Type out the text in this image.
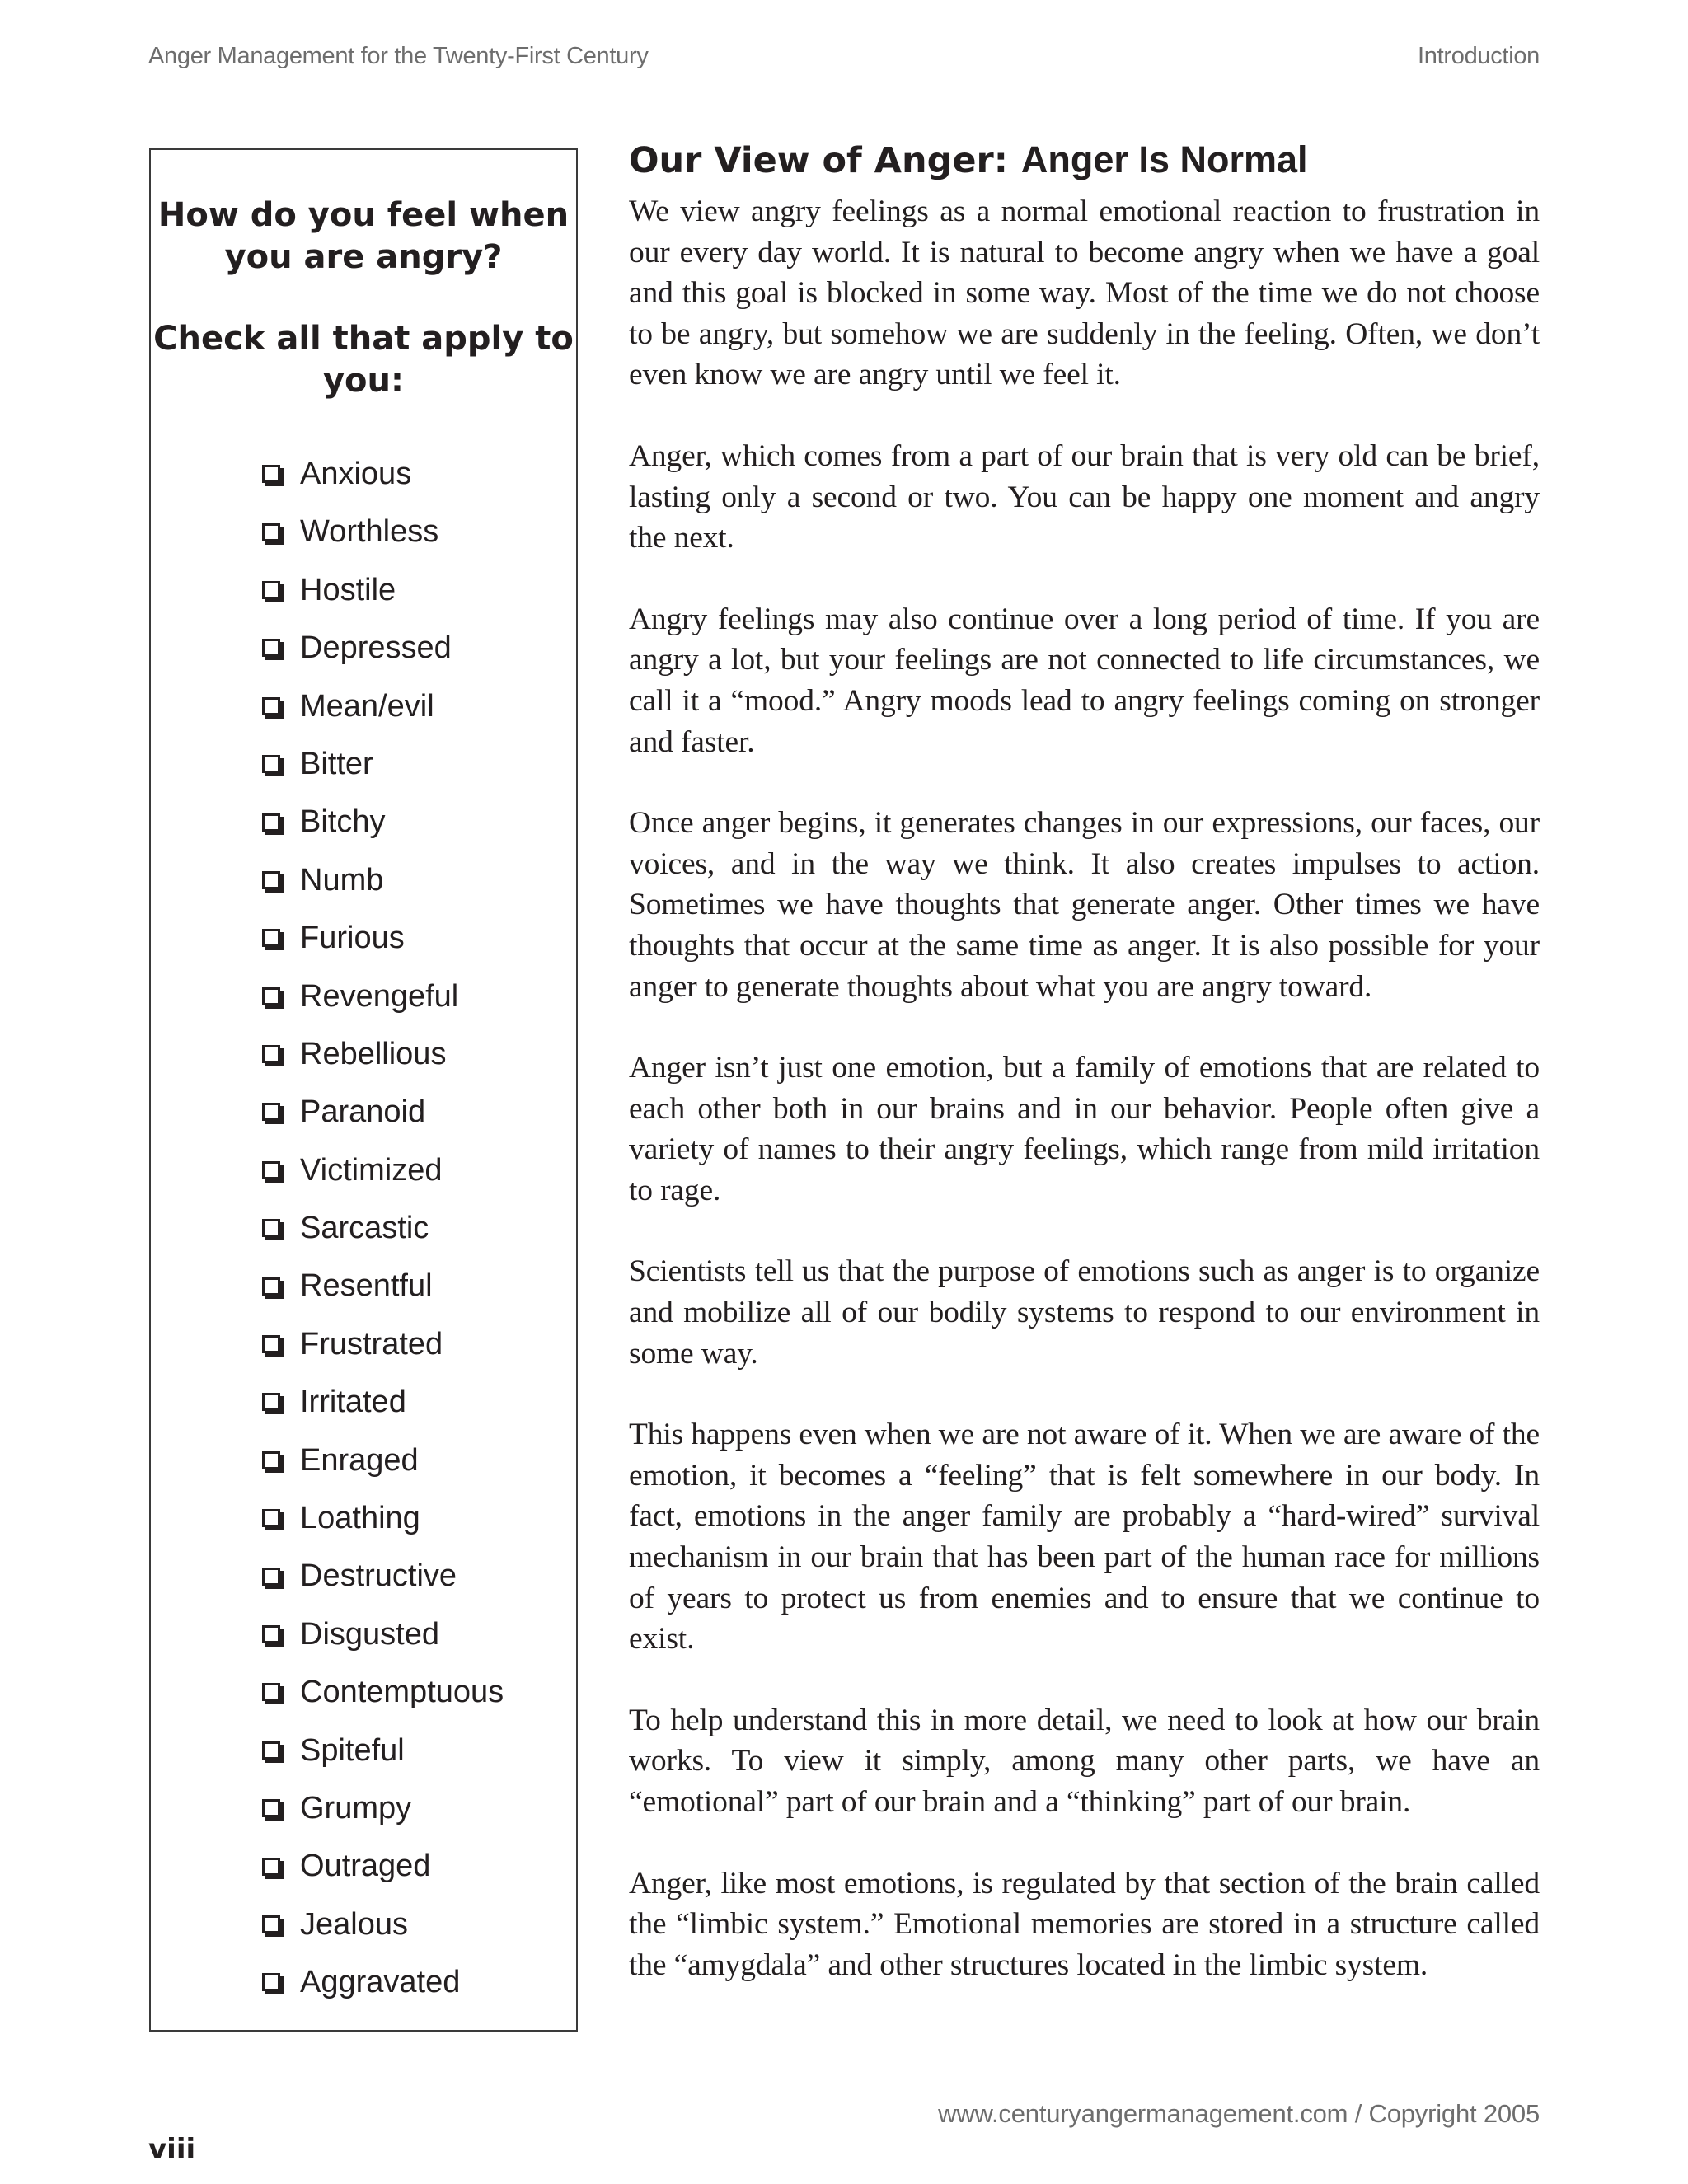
Anger Management for the Twenty-First Century	Introduction

How do you feel when you are angry?

Check all that apply to you:

Anxious
Worthless
Hostile
Depressed
Mean/evil
Bitter
Bitchy
Numb
Furious
Revengeful
Rebellious
Paranoid
Victimized
Sarcastic
Resentful
Frustrated
Irritated
Enraged
Loathing
Destructive
Disgusted
Contemptuous
Spiteful
Grumpy
Outraged
Jealous
Aggravated
Our View of Anger: Anger Is Normal

We view angry feelings as a normal emotional reaction to frustration in our every day world. It is natural to become angry when we have a goal and this goal is blocked in some way. Most of the time we do not choose to be angry, but somehow we are suddenly in the feeling. Often, we don’t even know we are angry until we feel it.

Anger, which comes from a part of our brain that is very old can be brief, lasting only a second or two. You can be happy one moment and angry the next.

Angry feelings may also continue over a long period of time. If you are angry a lot, but your feelings are not connected to life circumstances, we call it a “mood.” Angry moods lead to angry feelings coming on stronger and faster.

Once anger begins, it generates changes in our expressions, our faces, our voices, and in the way we think. It also creates impulses to action. Sometimes we have thoughts that generate anger. Other times we have thoughts that occur at the same time as anger. It is also possible for your anger to generate thoughts about what you are angry toward.

Anger isn’t just one emotion, but a family of emotions that are related to each other both in our brains and in our behavior. People often give a variety of names to their angry feelings, which range from mild irritation to rage.

Scientists tell us that the purpose of emotions such as anger is to organize and mobilize all of our bodily systems to respond to our environment in some way.

This happens even when we are not aware of it. When we are aware of the emotion, it becomes a “feeling” that is felt somewhere in our body. In fact, emotions in the anger family are probably a “hard-wired” survival mechanism in our brain that has been part of the human race for millions of years to protect us from enemies and to ensure that we continue to exist.

To help understand this in more detail, we need to look at how our brain works. To view it simply, among many other parts, we have an “emotional” part of our brain and a “thinking” part of our brain.

Anger, like most emotions, is regulated by that section of the brain called the “limbic system.” Emotional memories are stored in a structure called the “amygdala” and other structures located in the limbic system.

viii
www.centuryangermanagement.com / Copyright 2005
